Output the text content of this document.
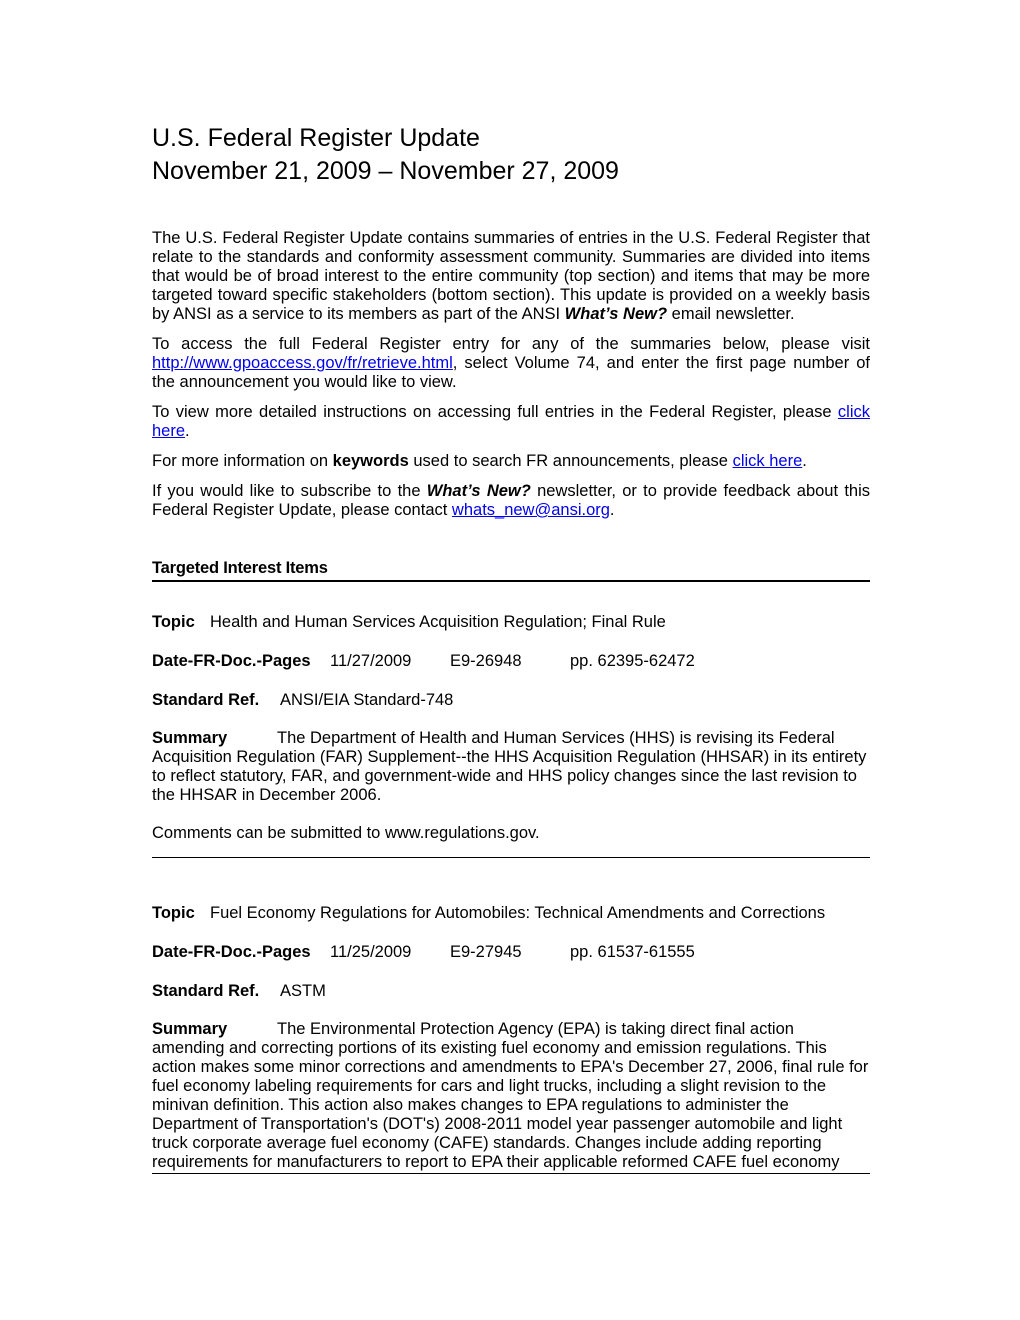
U.S. Federal Register Update
November 21, 2009 – November 27, 2009

The U.S. Federal Register Update contains summaries of entries in the U.S. Federal Register that relate to the standards and conformity assessment community. Summaries are divided into items that would be of broad interest to the entire community (top section) and items that may be more targeted toward specific stakeholders (bottom section). This update is provided on a weekly basis by ANSI as a service to its members as part of the ANSI What’s New? email newsletter.

To access the full Federal Register entry for any of the summaries below, please visit http://www.gpoaccess.gov/fr/retrieve.html, select Volume 74, and enter the first page number of the announcement you would like to view.

To view more detailed instructions on accessing full entries in the Federal Register, please click here.

For more information on keywords used to search FR announcements, please click here.

If you would like to subscribe to the What’s New? newsletter, or to provide feedback about this Federal Register Update, please contact whats_new@ansi.org.

Targeted Interest Items

Topic Health and Human Services Acquisition Regulation; Final Rule

Date-FR-Doc.-Pages 11/27/2009 E9-26948	pp. 62395-62472

Standard Ref. ANSI/EIA Standard-748

Summary	The Department of Health and Human Services (HHS) is revising its Federal Acquisition Regulation (FAR) Supplement--the HHS Acquisition Regulation (HHSAR) in its entirety to reflect statutory, FAR, and government-wide and HHS policy changes since the last revision to the HHSAR in December 2006.

Comments can be submitted to www.regulations.gov.

Topic Fuel Economy Regulations for Automobiles: Technical Amendments and Corrections

Date-FR-Doc.-Pages 11/25/2009 E9-27945	pp. 61537-61555

Standard Ref. ASTM

Summary	The Environmental Protection Agency (EPA) is taking direct final action amending and correcting portions of its existing fuel economy and emission regulations. This action makes some minor corrections and amendments to EPA's December 27, 2006, final rule for fuel economy labeling requirements for cars and light trucks, including a slight revision to the minivan definition. This action also makes changes to EPA regulations to administer the Department of Transportation's (DOT's) 2008-2011 model year passenger automobile and light truck corporate average fuel economy (CAFE) standards. Changes include adding reporting requirements for manufacturers to report to EPA their applicable reformed CAFE fuel economy
